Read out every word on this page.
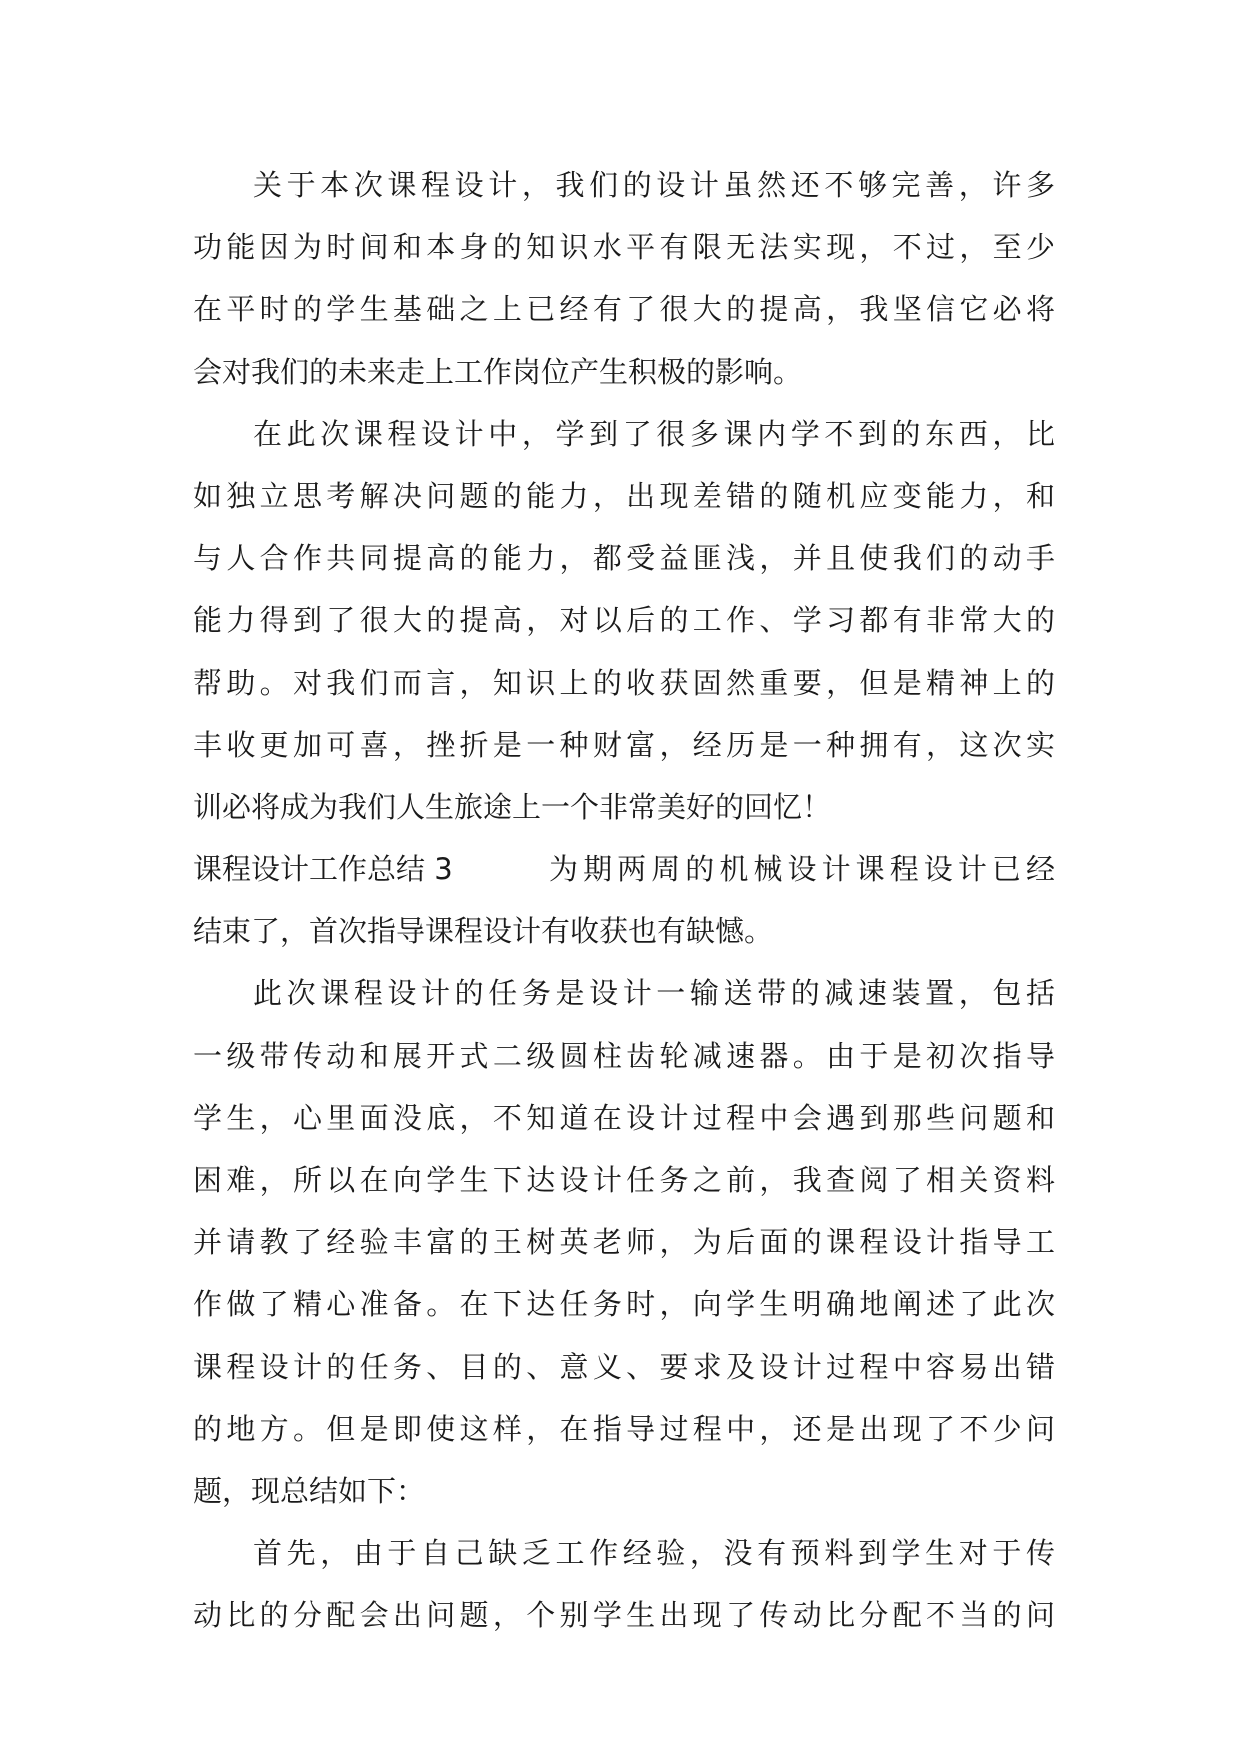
关于本次课程设计，我们的设计虽然还不够完善，许多
功能因为时间和本身的知识水平有限无法实现，不过，至少
在平时的学生基础之上已经有了很大的提高，我坚信它必将
会对我们的未来走上工作岗位产生积极的影响。
在此次课程设计中，学到了很多课内学不到的东西，比
如独立思考解决问题的能力，出现差错的随机应变能力，和
与人合作共同提高的能力，都受益匪浅，并且使我们的动手
能力得到了很大的提高，对以后的工作、学习都有非常大的
帮助。对我们而言，知识上的收获固然重要，但是精神上的
丰收更加可喜，挫折是一种财富，经历是一种拥有，这次实
训必将成为我们人生旅途上一个非常美好的回忆！
课程设计工作总结 3	为期两周的机械设计课程设计已经
结束了，首次指导课程设计有收获也有缺憾。
此次课程设计的任务是设计一输送带的减速装置，包括
一级带传动和展开式二级圆柱齿轮减速器。由于是初次指导
学生，心里面没底，不知道在设计过程中会遇到那些问题和
困难，所以在向学生下达设计任务之前，我查阅了相关资料
并请教了经验丰富的王树英老师，为后面的课程设计指导工
作做了精心准备。在下达任务时，向学生明确地阐述了此次
课程设计的任务、目的、意义、要求及设计过程中容易出错
的地方。但是即使这样，在指导过程中，还是出现了不少问
题，现总结如下：
首先，由于自己缺乏工作经验，没有预料到学生对于传
动比的分配会出问题，个别学生出现了传动比分配不当的问
